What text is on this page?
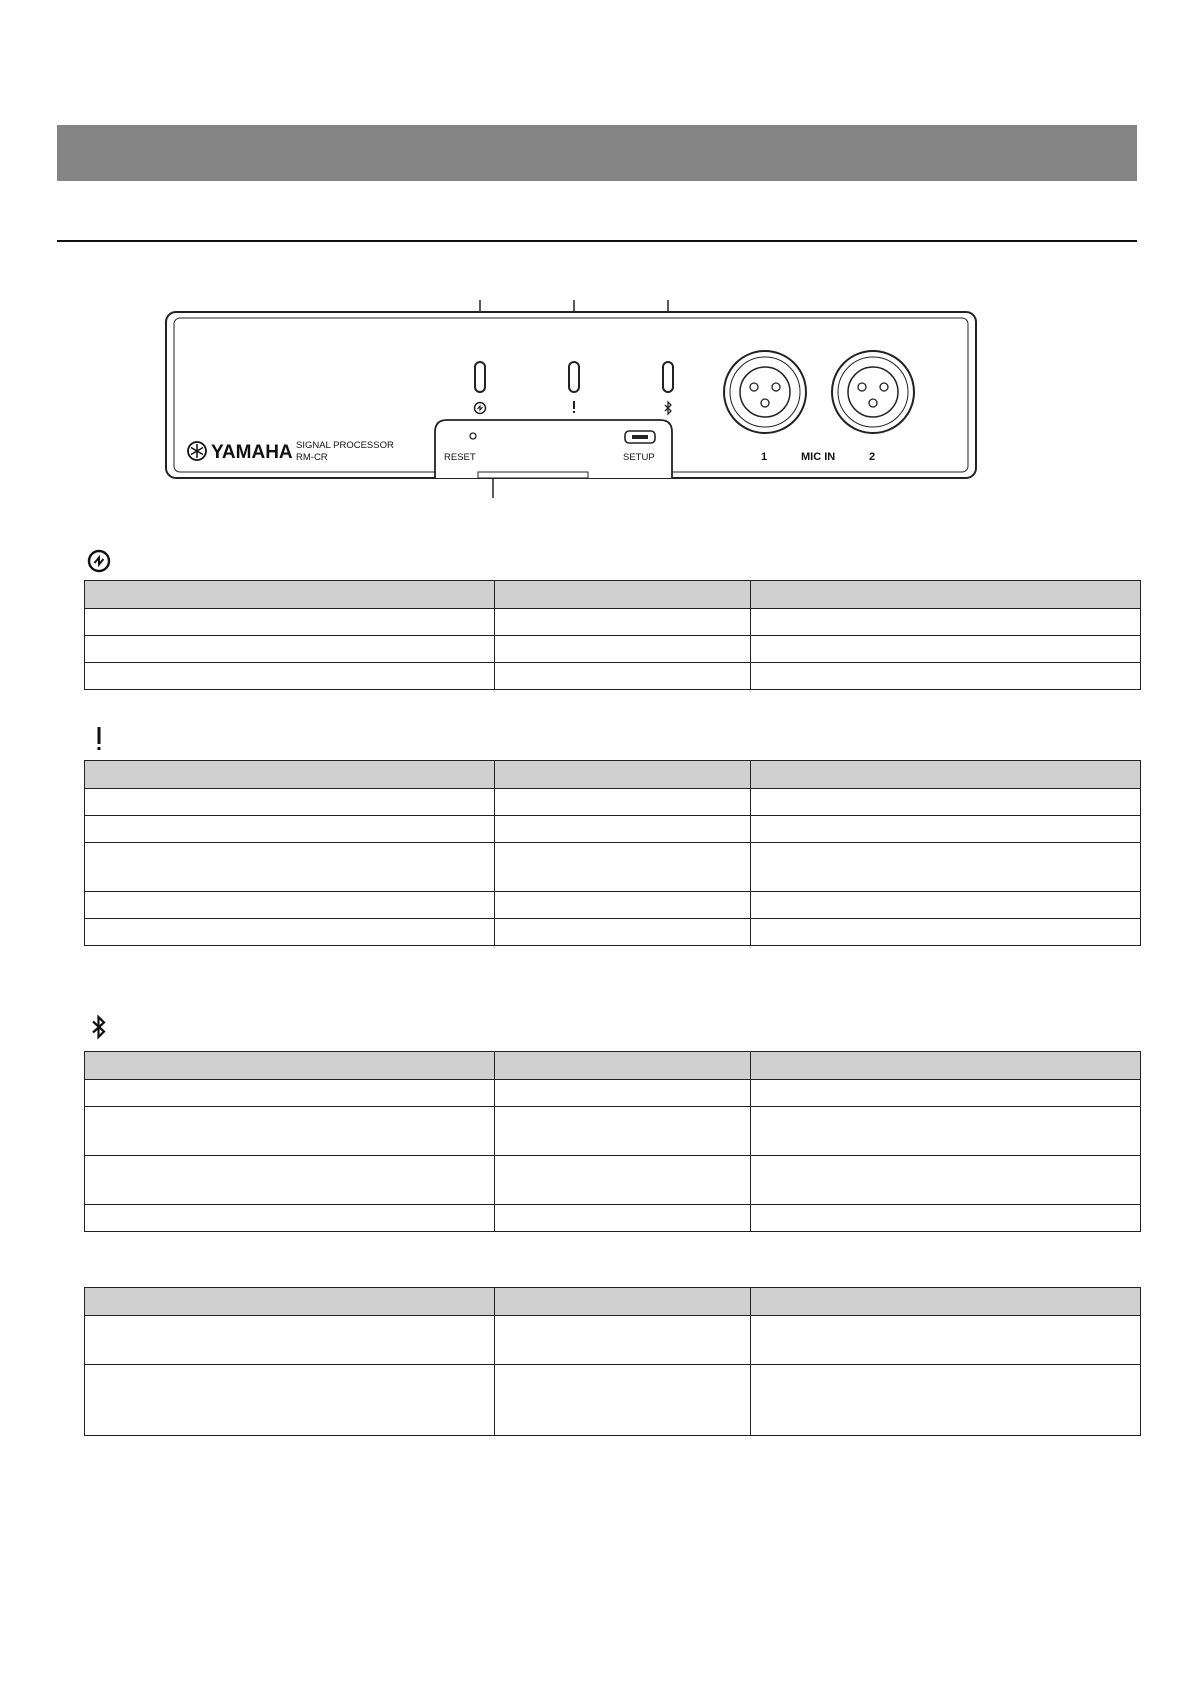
YAMAHA SIGNAL PROCESSOR
RM-CR	RESET	SETUP	1	MIC IN	2
